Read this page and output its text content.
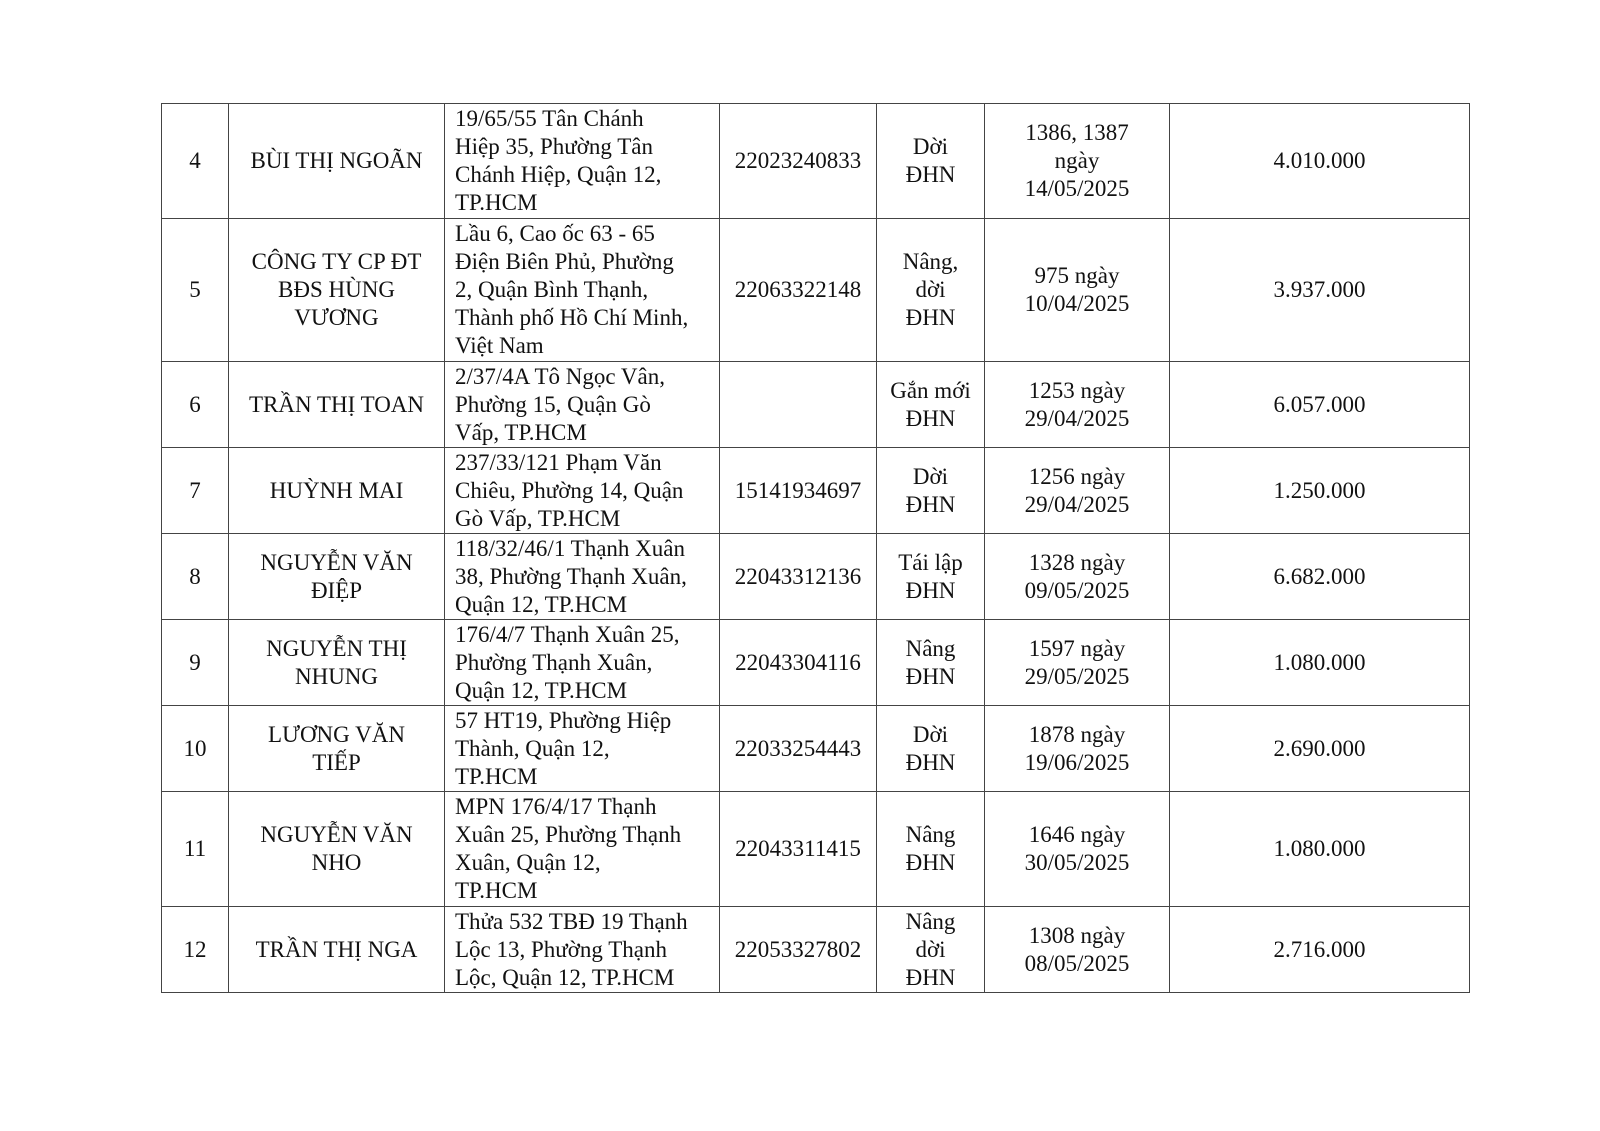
4	BÙI THỊ NGOÃN	19/65/55 Tân Chánh
Hiệp 35, Phường Tân
Chánh Hiệp, Quận 12,
TP.HCM	22023240833	Dời
ĐHN	1386, 1387
ngày
14/05/2025	4.010.000
5	CÔNG TY CP ĐT
BĐS HÙNG
VƯƠNG	Lầu 6, Cao ốc 63 - 65
Điện Biên Phủ, Phường
2, Quận Bình Thạnh,
Thành phố Hồ Chí Minh,
Việt Nam	22063322148	Nâng,
dời
ĐHN	975 ngày
10/04/2025	3.937.000
6	TRẦN THỊ TOAN	2/37/4A Tô Ngọc Vân,
Phường 15, Quận Gò
Vấp, TP.HCM		Gắn mới
ĐHN	1253 ngày
29/04/2025	6.057.000
7	HUỲNH MAI	237/33/121 Phạm Văn
Chiêu, Phường 14, Quận
Gò Vấp, TP.HCM	15141934697	Dời
ĐHN	1256 ngày
29/04/2025	1.250.000
8	NGUYỄN VĂN
ĐIỆP	118/32/46/1 Thạnh Xuân
38, Phường Thạnh Xuân,
Quận 12, TP.HCM	22043312136	Tái lập
ĐHN	1328 ngày
09/05/2025	6.682.000
9	NGUYỄN THỊ
NHUNG	176/4/7 Thạnh Xuân 25,
Phường Thạnh Xuân,
Quận 12, TP.HCM	22043304116	Nâng
ĐHN	1597 ngày
29/05/2025	1.080.000
10	LƯƠNG VĂN
TIẾP	57 HT19, Phường Hiệp
Thành, Quận 12,
TP.HCM	22033254443	Dời
ĐHN	1878 ngày
19/06/2025	2.690.000
11	NGUYỄN VĂN
NHO	MPN 176/4/17 Thạnh
Xuân 25, Phường Thạnh
Xuân, Quận 12,
TP.HCM	22043311415	Nâng
ĐHN	1646 ngày
30/05/2025	1.080.000
12	TRẦN THỊ NGA	Thửa 532 TBĐ 19 Thạnh
Lộc 13, Phường Thạnh
Lộc, Quận 12, TP.HCM	22053327802	Nâng
dời
ĐHN	1308 ngày
08/05/2025	2.716.000
